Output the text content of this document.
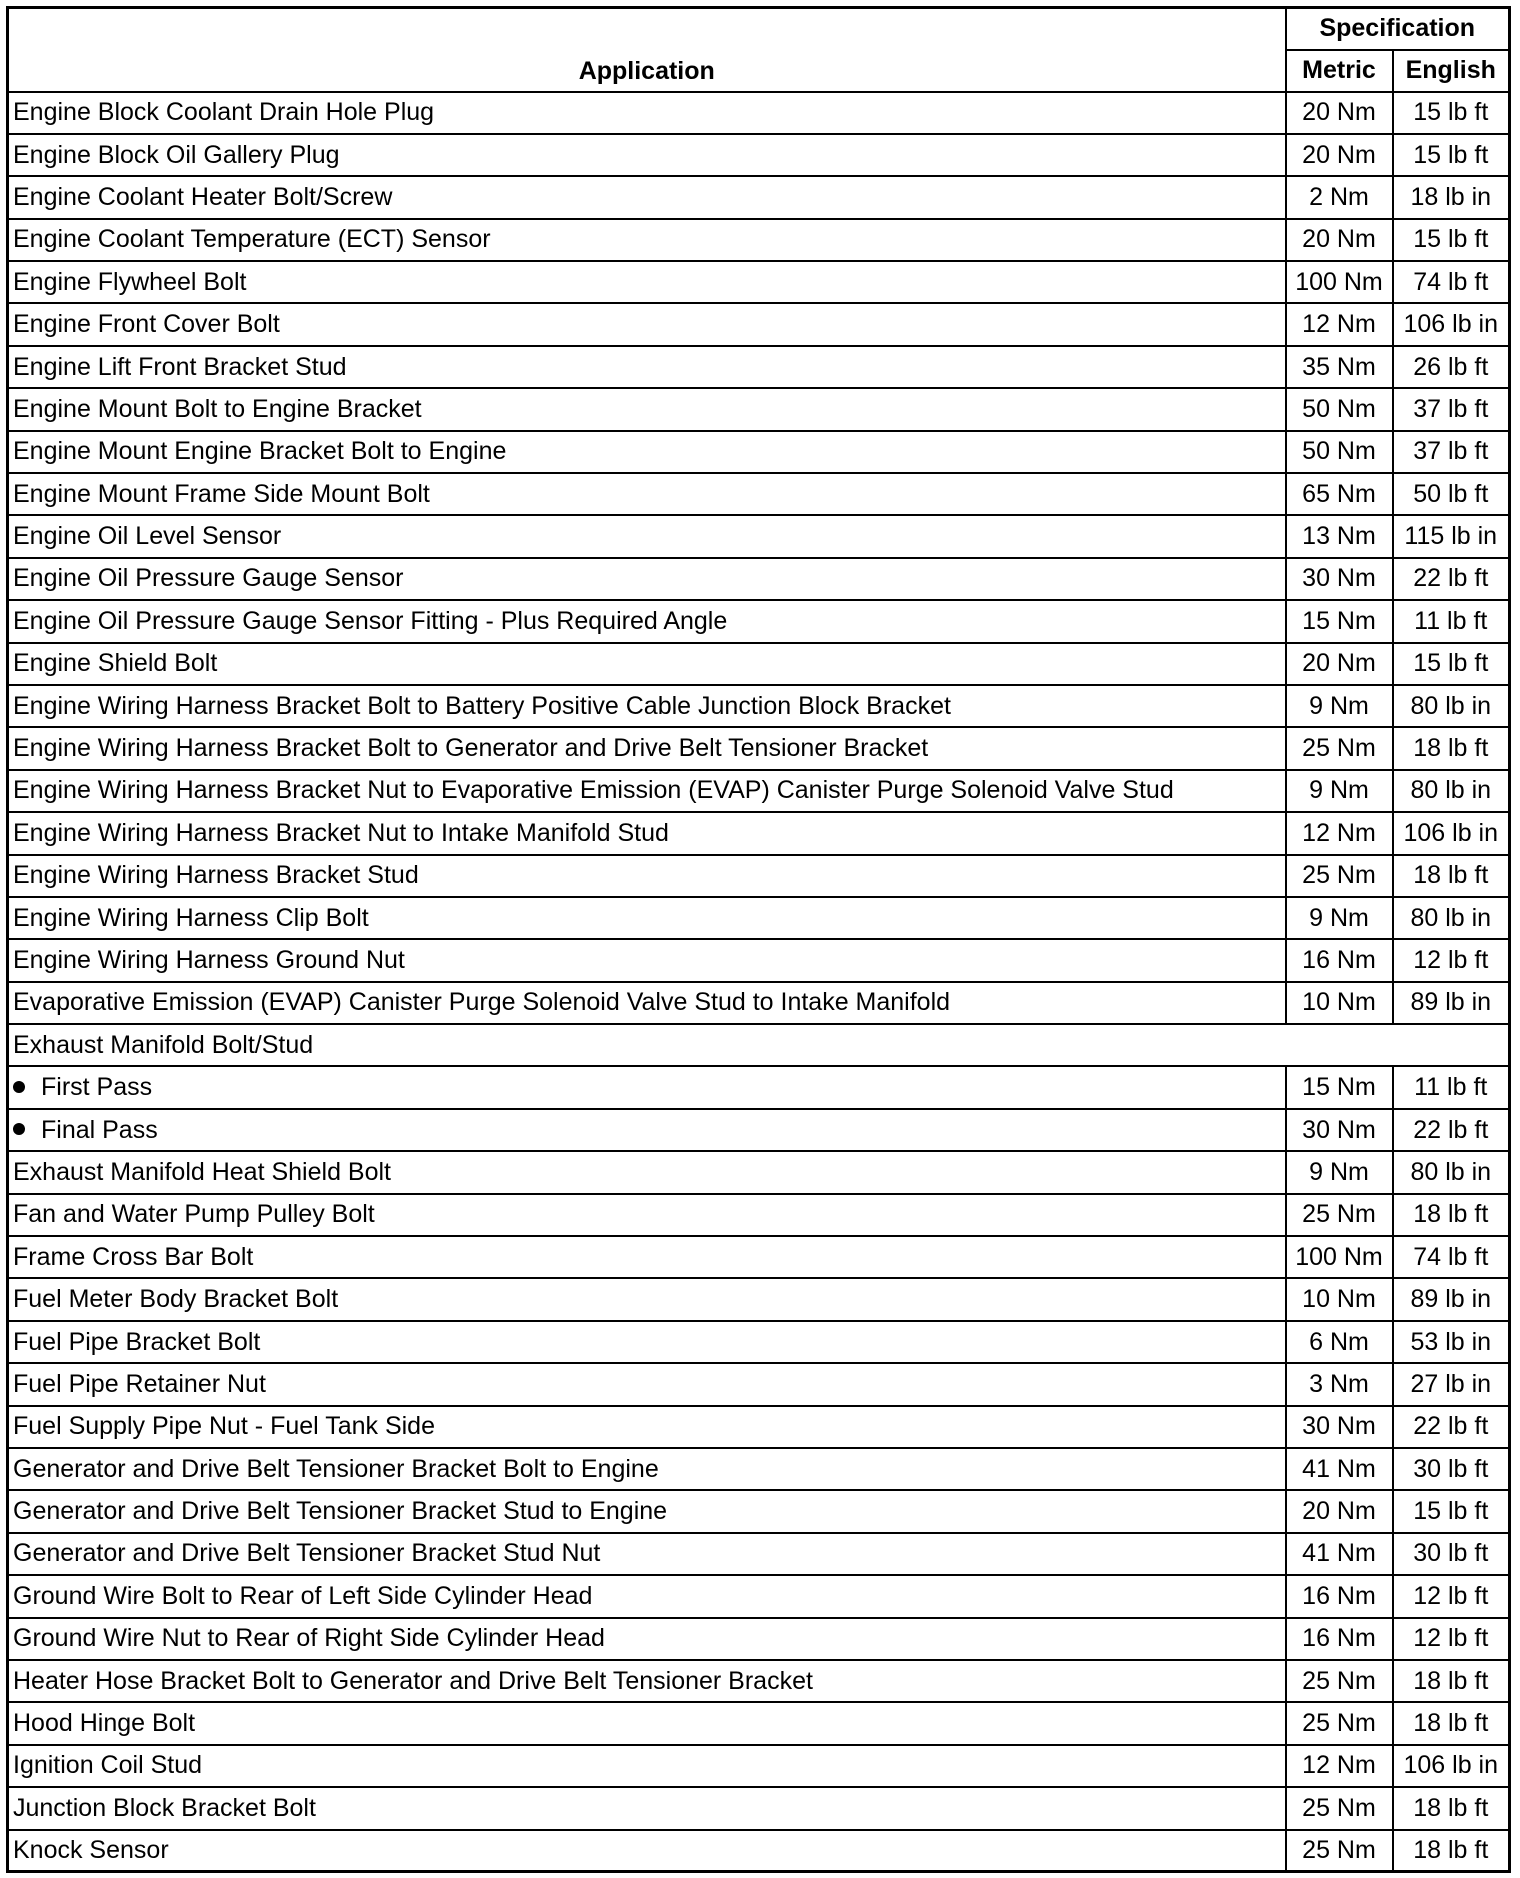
Application	Specification	
	Metric	English
Engine Block Coolant Drain Hole Plug	20 Nm	15 lb ft
Engine Block Oil Gallery Plug	20 Nm	15 lb ft
Engine Coolant Heater Bolt/Screw	2 Nm	18 lb in
Engine Coolant Temperature (ECT) Sensor	20 Nm	15 lb ft
Engine Flywheel Bolt	100 Nm	74 lb ft
Engine Front Cover Bolt	12 Nm	106 lb in
Engine Lift Front Bracket Stud	35 Nm	26 lb ft
Engine Mount Bolt to Engine Bracket	50 Nm	37 lb ft
Engine Mount Engine Bracket Bolt to Engine	50 Nm	37 lb ft
Engine Mount Frame Side Mount Bolt	65 Nm	50 lb ft
Engine Oil Level Sensor	13 Nm	115 lb in
Engine Oil Pressure Gauge Sensor	30 Nm	22 lb ft
Engine Oil Pressure Gauge Sensor Fitting - Plus Required Angle	15 Nm	11 lb ft
Engine Shield Bolt	20 Nm	15 lb ft
Engine Wiring Harness Bracket Bolt to Battery Positive Cable Junction Block Bracket	9 Nm	80 lb in
Engine Wiring Harness Bracket Bolt to Generator and Drive Belt Tensioner Bracket	25 Nm	18 lb ft
Engine Wiring Harness Bracket Nut to Evaporative Emission (EVAP) Canister Purge Solenoid Valve Stud	9 Nm	80 lb in
Engine Wiring Harness Bracket Nut to Intake Manifold Stud	12 Nm	106 lb in
Engine Wiring Harness Bracket Stud	25 Nm	18 lb ft
Engine Wiring Harness Clip Bolt	9 Nm	80 lb in
Engine Wiring Harness Ground Nut	16 Nm	12 lb ft
Evaporative Emission (EVAP) Canister Purge Solenoid Valve Stud to Intake Manifold	10 Nm	89 lb in
Exhaust Manifold Bolt/Stud		
First Pass	15 Nm	11 lb ft
Final Pass	30 Nm	22 lb ft
Exhaust Manifold Heat Shield Bolt	9 Nm	80 lb in
Fan and Water Pump Pulley Bolt	25 Nm	18 lb ft
Frame Cross Bar Bolt	100 Nm	74 lb ft
Fuel Meter Body Bracket Bolt	10 Nm	89 lb in
Fuel Pipe Bracket Bolt	6 Nm	53 lb in
Fuel Pipe Retainer Nut	3 Nm	27 lb in
Fuel Supply Pipe Nut - Fuel Tank Side	30 Nm	22 lb ft
Generator and Drive Belt Tensioner Bracket Bolt to Engine	41 Nm	30 lb ft
Generator and Drive Belt Tensioner Bracket Stud to Engine	20 Nm	15 lb ft
Generator and Drive Belt Tensioner Bracket Stud Nut	41 Nm	30 lb ft
Ground Wire Bolt to Rear of Left Side Cylinder Head	16 Nm	12 lb ft
Ground Wire Nut to Rear of Right Side Cylinder Head	16 Nm	12 lb ft
Heater Hose Bracket Bolt to Generator and Drive Belt Tensioner Bracket	25 Nm	18 lb ft
Hood Hinge Bolt	25 Nm	18 lb ft
Ignition Coil Stud	12 Nm	106 lb in
Junction Block Bracket Bolt	25 Nm	18 lb ft
Knock Sensor	25 Nm	18 lb ft
